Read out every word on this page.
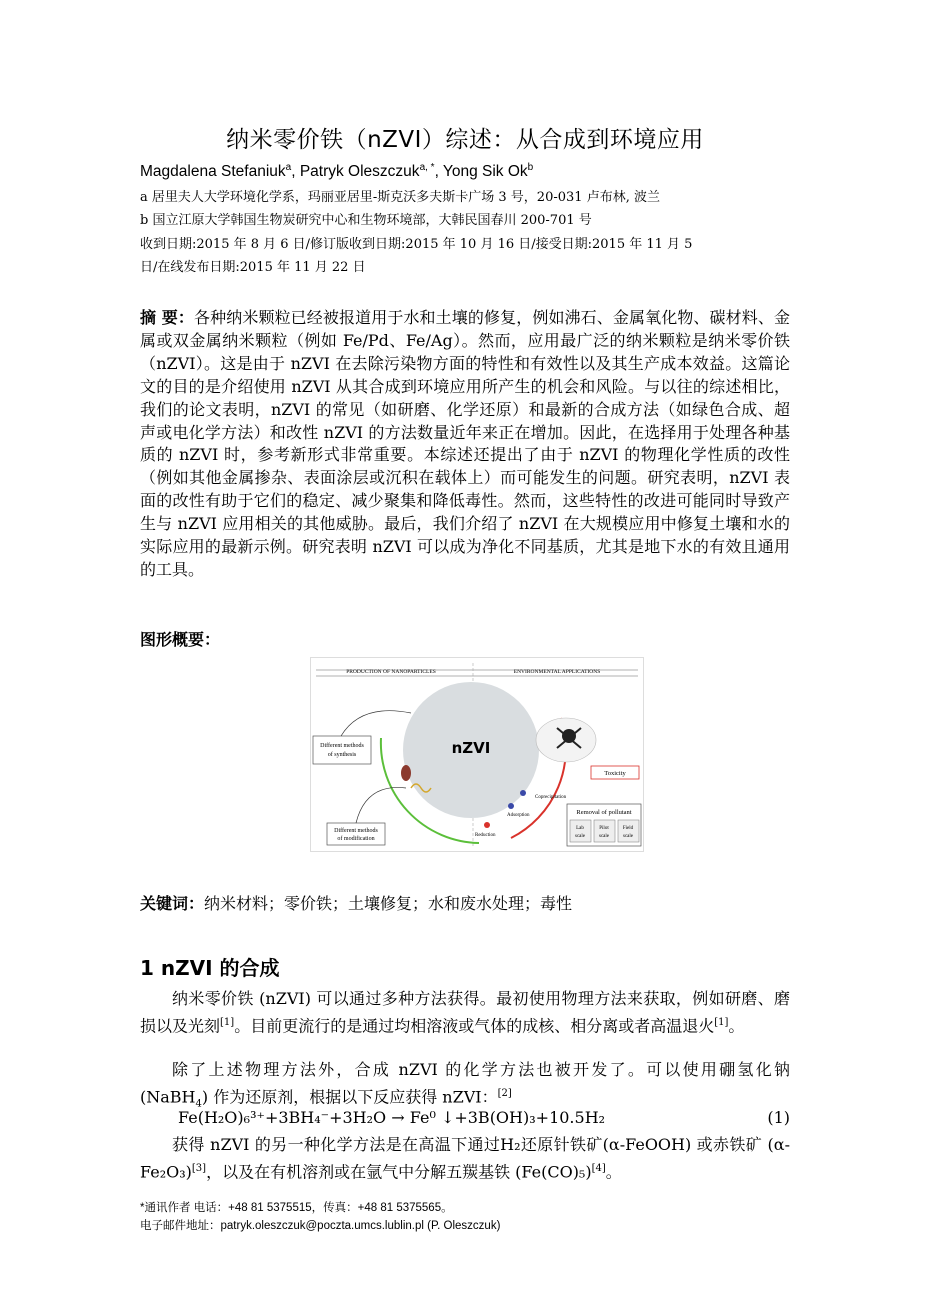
纳米零价铁（nZVI）综述：从合成到环境应用
Magdalena Stefaniuk$^a$, Patryk Oleszczuk$^{a, *}$, Yong Sik Ok$^b$
a 居里夫人大学环境化学系，玛丽亚居里-斯克沃多夫斯卡广场 3 号，20-031 卢布林, 波兰
b 国立江原大学韩国生物炭研究中心和生物环境部，大韩民国春川 200-701 号
收到日期:2015 年 8 月 6 日/修订版收到日期:2015 年 10 月 16 日/接受日期:2015 年 11 月 5
日/在线发布日期:2015 年 11 月 22 日
摘 要：各种纳米颗粒已经被报道用于水和土壤的修复，例如沸石、金属氧化物、碳材料、金属或双金属纳米颗粒（例如 Fe/Pd、Fe/Ag）。然而，应用最广泛的纳米颗粒是纳米零价铁（nZVI）。这是由于 nZVI 在去除污染物方面的特性和有效性以及其生产成本效益。这篇论文的目的是介绍使用 nZVI 从其合成到环境应用所产生的机会和风险。与以往的综述相比，我们的论文表明，nZVI 的常见（如研磨、化学还原）和最新的合成方法（如绿色合成、超声或电化学方法）和改性 nZVI 的方法数量近年来正在增加。因此，在选择用于处理各种基质的 nZVI 时，参考新形式非常重要。本综述还提出了由于 nZVI 的物理化学性质的改性（例如其他金属掺杂、表面涂层或沉积在载体上）而可能发生的问题。研究表明，nZVI 表面的改性有助于它们的稳定、减少聚集和降低毒性。然而，这些特性的改进可能同时导致产生与 nZVI 应用相关的其他威胁。最后，我们介绍了 nZVI 在大规模应用中修复土壤和水的实际应用的最新示例。研究表明 nZVI 可以成为净化不同基质，尤其是地下水的有效且通用的工具。
图形概要：
PRODUCTION OF NANOPARTICLES	ENVIRONMENTAL APPLICATIONS
nZVI
Different methods
of synthesis
Different methods
of modification
Toxicity
Removal of pollutant
Lab
scale
Pilot
scale
Field
scale
Coprecipitation
Adsorption
Reduction
关键词：纳米材料；零价铁；土壤修复；水和废水处理；毒性
1 nZVI 的合成
纳米零价铁 (nZVI) 可以通过多种方法获得。最初使用物理方法来获取，例如研磨、磨损以及光刻[1]。目前更流行的是通过均相溶液或气体的成核、相分离或者高温退火[1]。
除了上述物理方法外，合成 nZVI 的化学方法也被开发了。可以使用硼氢化钠 (NaBH$_4$) 作为还原剂，根据以下反应获得 nZVI：[2]
Fe(H₂O)₆³⁺+3BH₄⁻+3H₂O → Fe⁰ ↓+3B(OH)₃+10.5H₂	(1)
获得 nZVI 的另一种化学方法是在高温下通过H₂还原针铁矿(α-FeOOH) 或赤铁矿 (α-Fe₂O₃)[3]，以及在有机溶剂或在氩气中分解五羰基铁 (Fe(CO)₅)[4]。
*通讯作者 电话：+48 81 5375515，传真：+48 81 5375565。
电子邮件地址：patryk.oleszczuk@poczta.umcs.lublin.pl (P. Oleszczuk)
